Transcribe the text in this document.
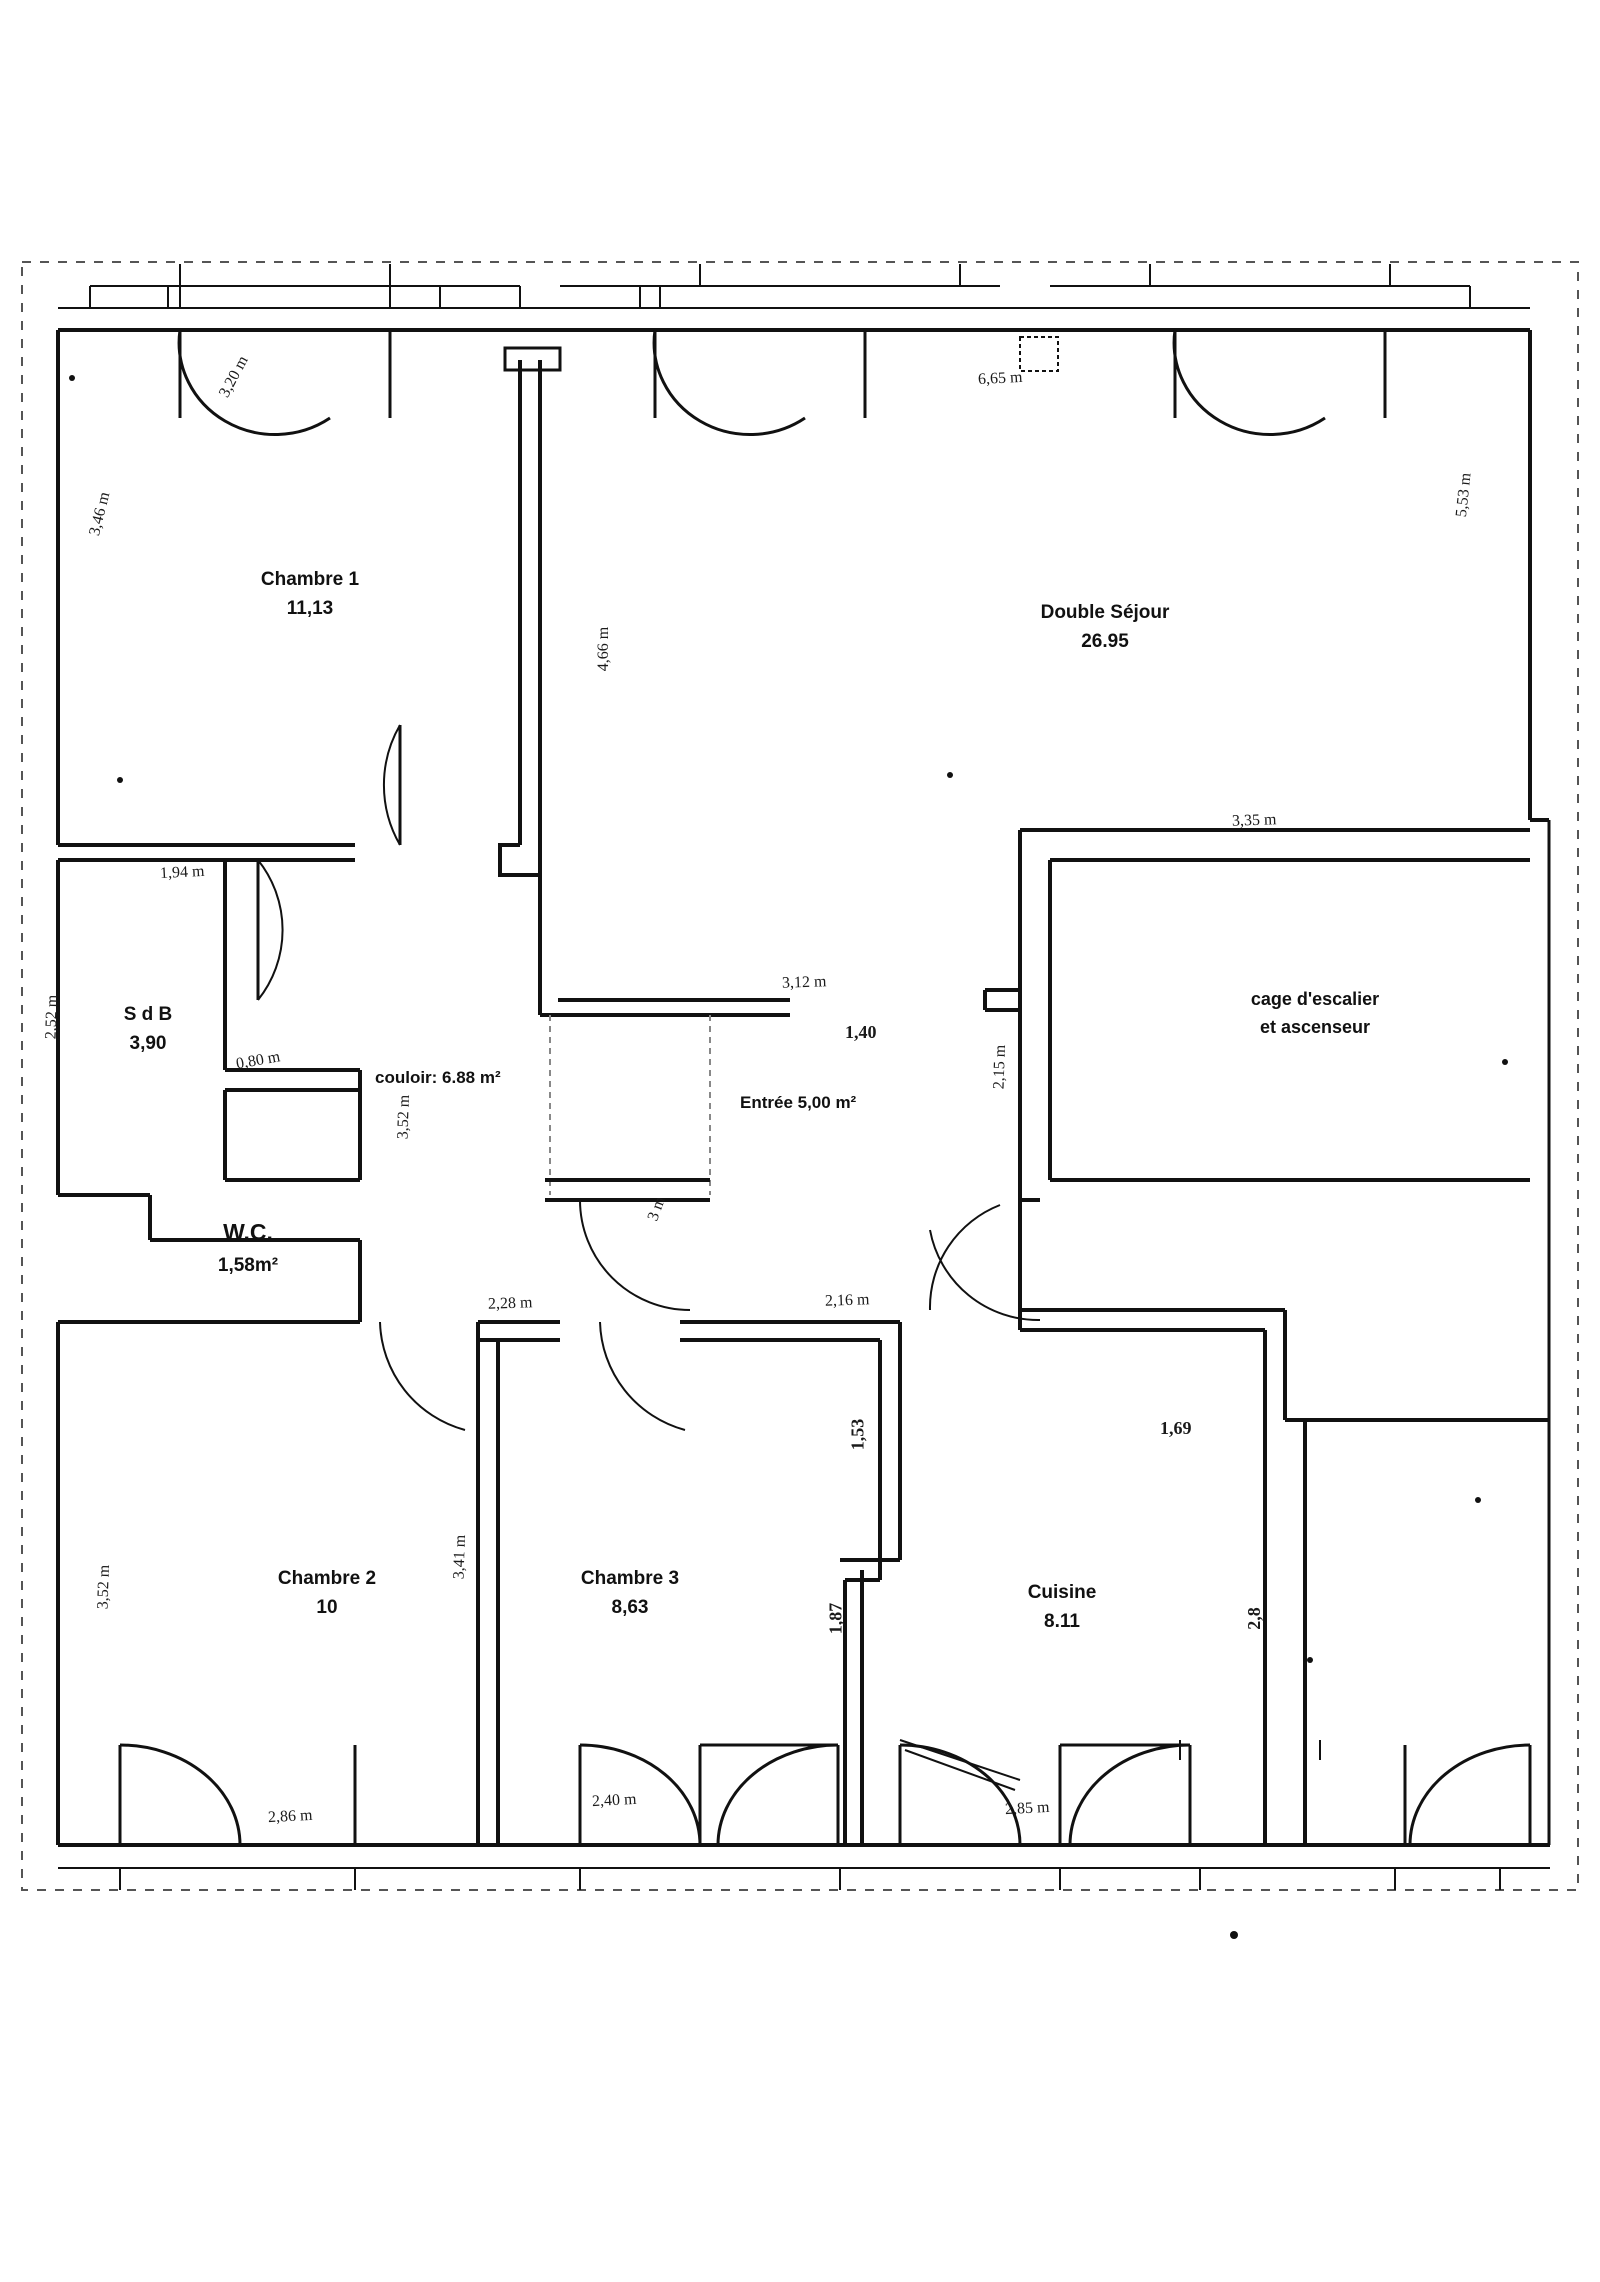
Chambre 1
11,13	Double Séjour
26.95
S d B
3,90
W.C.
1,58m²
Chambre 2
10
Chambre 3
8,63
Cuisine
8.11
couloir: 6.88 m²
Entrée 5,00 m²
cage d'escalier
et ascenseur
3,20 m
3,46 m
4,66 m
6,65 m
5,53 m
1,94 m
2,52 m
3,35 m
3,12 m
1,40
0,80 m
3,52 m
2,15 m
3 m
2,28 m	2,16 m
1,69
1,53
3,41 m
3,52 m
1,87	2,8
2,86 m
2,40 m	2,85 m
